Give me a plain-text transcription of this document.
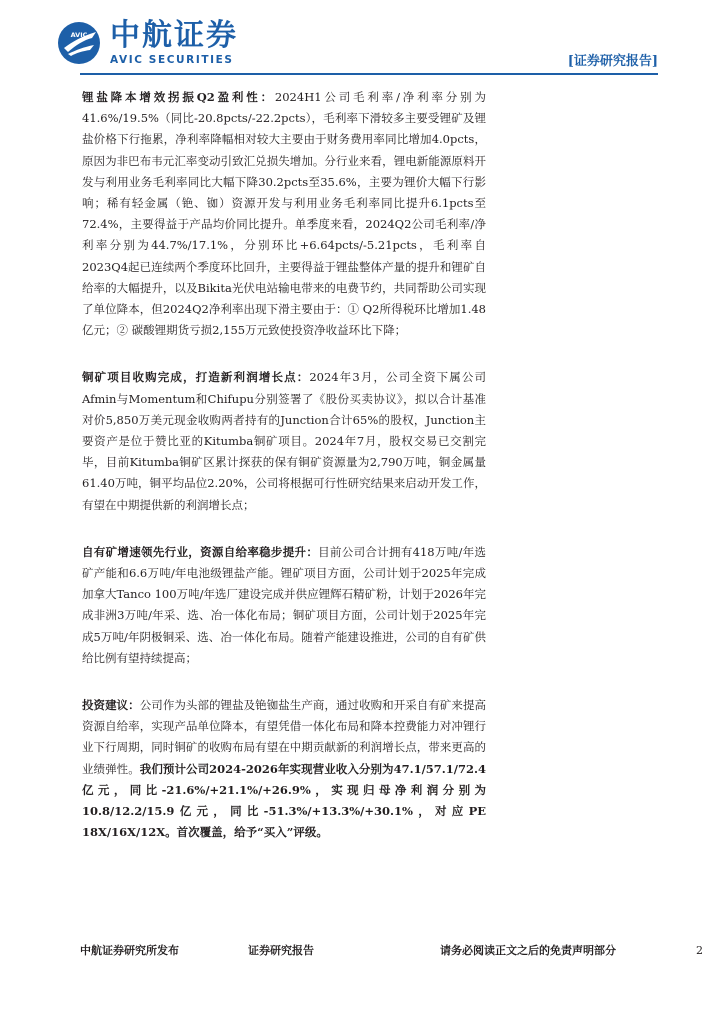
AVIC 中航证券
AVIC SECURITIES	[证券研究报告]

锂盐降本增效拐振Q2盈利性：2024H1公司毛利率/净利率分别为41.6%/19.5%（同比-20.8pcts/-22.2pcts），毛利率下滑较多主要受锂矿及锂盐价格下行拖累，净利率降幅相对较大主要由于财务费用率同比增加4.0pcts，原因为非巴布韦元汇率变动引致汇兑损失增加。分行业来看，锂电新能源原料开发与利用业务毛利率同比大幅下降30.2pcts至35.6%，主要为锂价大幅下行影响；稀有轻金属（铯、铷）资源开发与利用业务毛利率同比提升6.1pcts至72.4%，主要得益于产品均价同比提升。单季度来看，2024Q2公司毛利率/净利率分别为44.7%/17.1%，分别环比+6.64pcts/-5.21pcts，毛利率自2023Q4起已连续两个季度环比回升，主要得益于锂盐整体产量的提升和锂矿自给率的大幅提升，以及Bikita光伏电站输电带来的电费节约，共同帮助公司实现了单位降本，但2024Q2净利率出现下滑主要由于：① Q2所得税环比增加1.48亿元；② 碳酸锂期货亏损2,155万元致使投资净收益环比下降；

铜矿项目收购完成，打造新利润增长点：2024年3月，公司全资下属公司Afmin与Momentum和Chifupu分别签署了《股份买卖协议》，拟以合计基准对价5,850万美元现金收购两者持有的Junction合计65%的股权，Junction主要资产是位于赞比亚的Kitumba铜矿项目。2024年7月，股权交易已交割完毕，目前Kitumba铜矿区累计探获的保有铜矿资源量为2,790万吨，铜金属量61.40万吨，铜平均品位2.20%，公司将根据可行性研究结果来启动开发工作，有望在中期提供新的利润增长点；

自有矿增速领先行业，资源自给率稳步提升：目前公司合计拥有418万吨/年选矿产能和6.6万吨/年电池级锂盐产能。锂矿项目方面，公司计划于2025年完成加拿大Tanco 100万吨/年选厂建设完成并供应锂辉石精矿粉，计划于2026年完成非洲3万吨/年采、选、冶一体化布局；铜矿项目方面，公司计划于2025年完成5万吨/年阴极铜采、选、冶一体化布局。随着产能建设推进，公司的自有矿供给比例有望持续提高；

投资建议：公司作为头部的锂盐及铯铷盐生产商，通过收购和开采自有矿来提高资源自给率，实现产品单位降本，有望凭借一体化布局和降本控费能力对冲锂行业下行周期，同时铜矿的收购布局有望在中期贡献新的利润增长点，带来更高的业绩弹性。我们预计公司2024-2026年实现营业收入分别为47.1/57.1/72.4亿元，同比-21.6%/+21.1%/+26.9%，实现归母净利润分别为10.8/12.2/15.9亿元，同比-51.3%/+13.3%/+30.1%，对应PE 18X/16X/12X。首次覆盖，给予“买入”评级。

中航证券研究所发布	证券研究报告	请务必阅读正文之后的免责声明部分	2
